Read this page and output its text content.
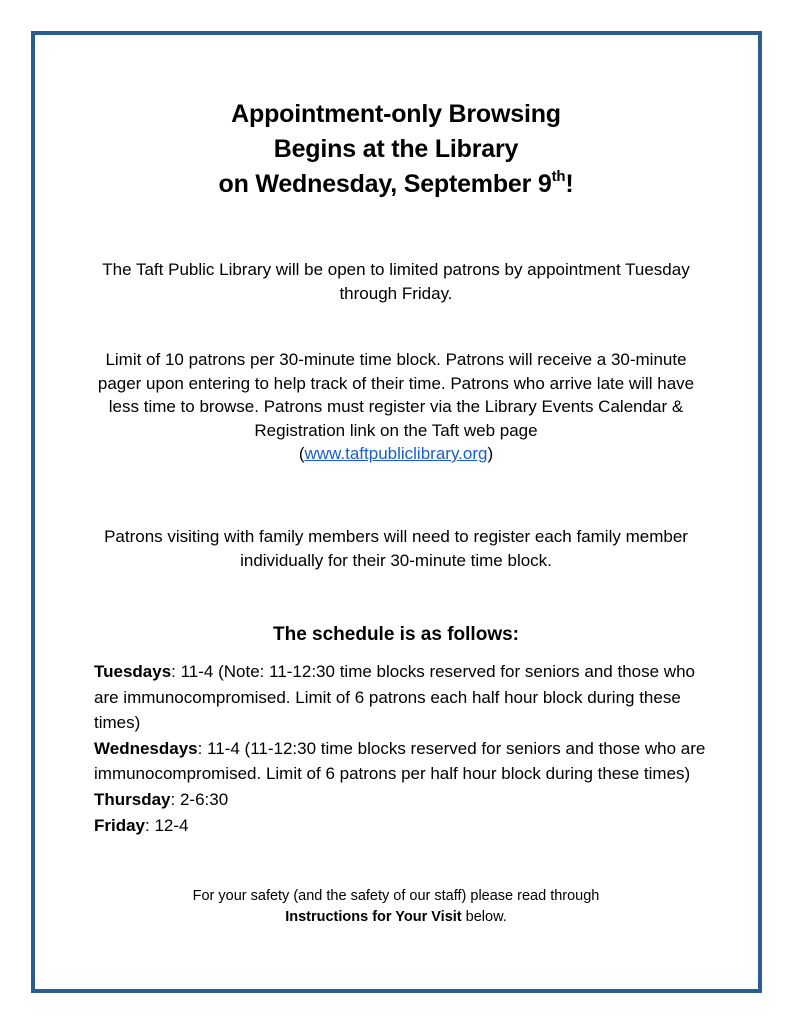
Appointment-only Browsing
Begins at the Library
on Wednesday, September 9th!
The Taft Public Library will be open to limited patrons by appointment Tuesday through Friday.
Limit of 10 patrons per 30-minute time block. Patrons will receive a 30-minute pager upon entering to help track of their time. Patrons who arrive late will have less time to browse. Patrons must register via the Library Events Calendar & Registration link on the Taft web page
(www.taftpubliclibrary.org)
Patrons visiting with family members will need to register each family member individually for their 30-minute time block.
The schedule is as follows:
Tuesdays: 11-4 (Note: 11-12:30 time blocks reserved for seniors and those who are immunocompromised. Limit of 6 patrons each half hour block during these times)
Wednesdays: 11-4 (11-12:30 time blocks reserved for seniors and those who are immunocompromised. Limit of 6 patrons per half hour block during these times)
Thursday: 2-6:30
Friday: 12-4
For your safety (and the safety of our staff) please read through
Instructions for Your Visit below.
